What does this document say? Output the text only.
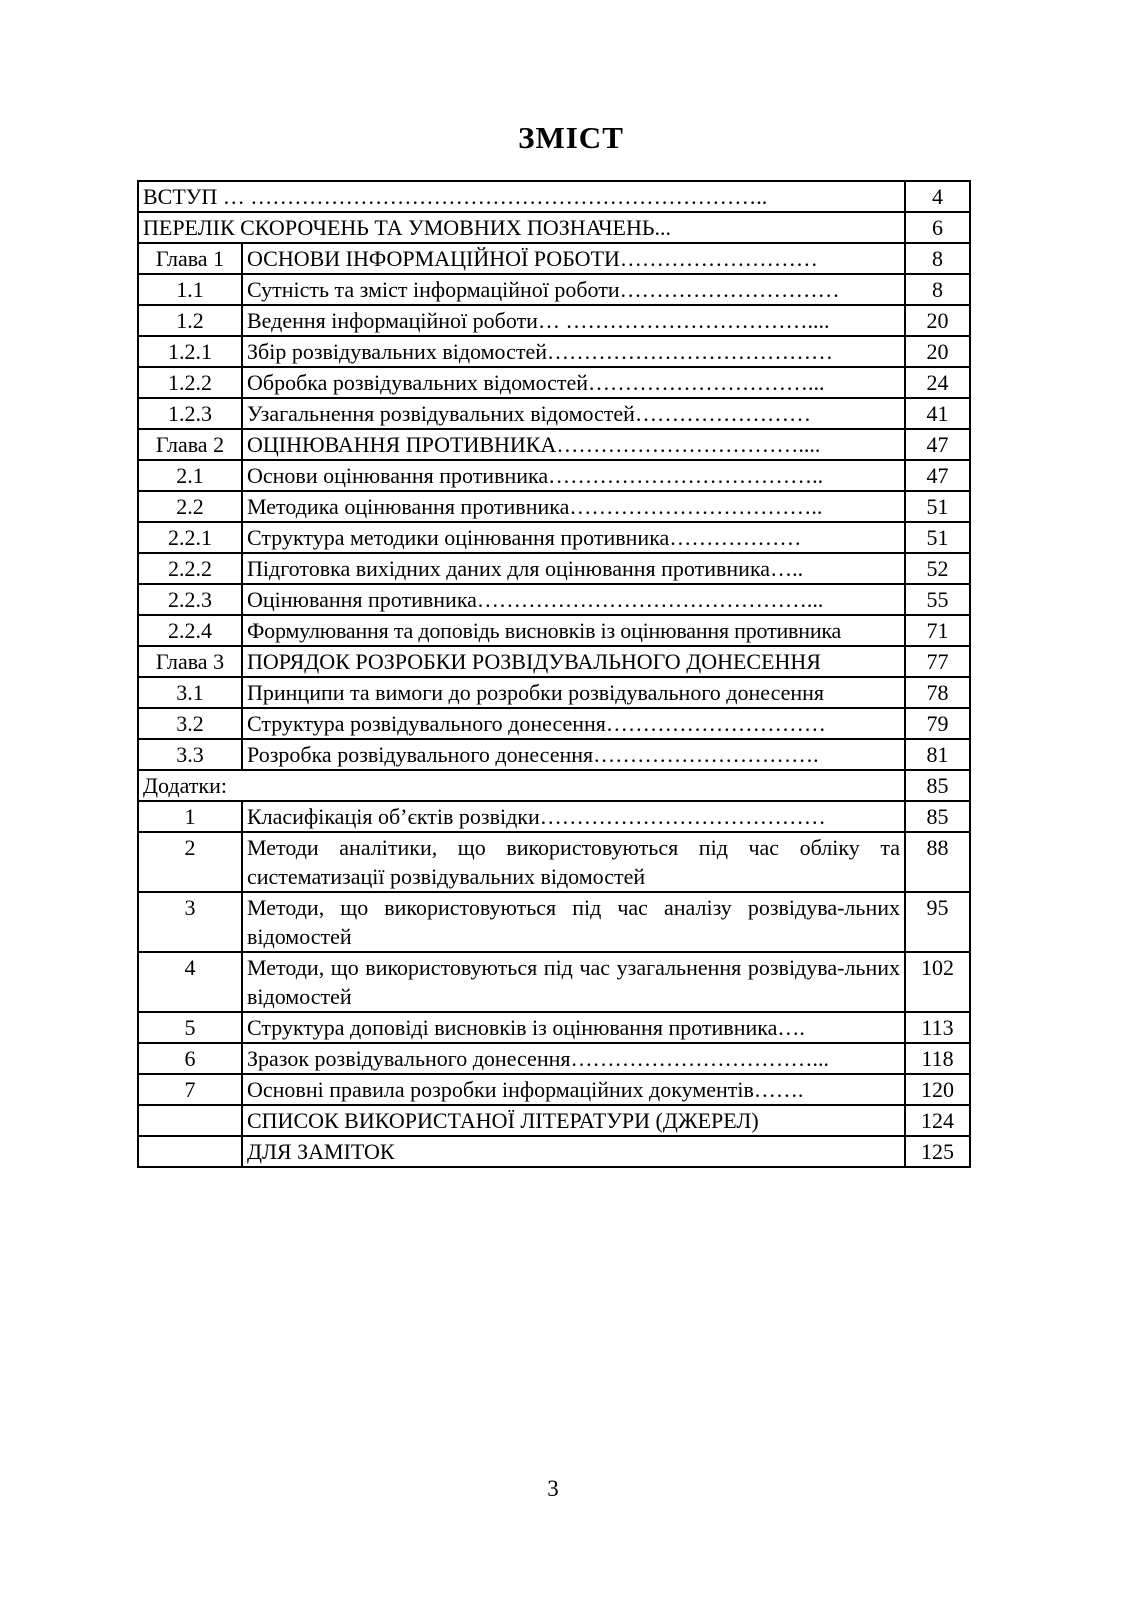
ЗМІСТ
ВСТУП … ……………………………………………………………..		4
ПЕРЕЛІК СКОРОЧЕНЬ ТА УМОВНИХ ПОЗНАЧЕНЬ...		6
Глава 1	ОСНОВИ ІНФОРМАЦІЙНОЇ РОБОТИ………………………	8
1.1	Сутність та зміст інформаційної роботи…………………………	8
1.2	Ведення інформаційної роботи… ……………………………....	20
1.2.1	Збір розвідувальних відомостей…………………………………	20
1.2.2	Обробка розвідувальних відомостей…………………………...	24
1.2.3	Узагальнення розвідувальних відомостей……………………	41
Глава 2	ОЦІНЮВАННЯ ПРОТИВНИКА……………………………....	47
2.1	Основи оцінювання противника………………………………..	47
2.2	Методика оцінювання противника……………………………..	51
2.2.1	Структура методики оцінювання противника………………	51
2.2.2	Підготовка вихідних даних для оцінювання противника…..	52
2.2.3	Оцінювання противника………………………………………...	55
2.2.4	Формулювання та доповідь висновків із оцінювання противника	71
Глава 3	ПОРЯДОК РОЗРОБКИ РОЗВІДУВАЛЬНОГО ДОНЕСЕННЯ	77
3.1	Принципи та вимоги до розробки розвідувального донесення	78
3.2	Структура розвідувального донесення…………………………	79
3.3	Розробка розвідувального донесення………………………….	81
Додатки:		85
1	Класифікація об’єктів розвідки…………………………………	85
2	Методи аналітики, що використовуються під час обліку та систематизації розвідувальних відомостей	88
3	Методи, що використовуються під час аналізу розвідува-льних відомостей	95
4	Методи, що використовуються під час узагальнення розвідува-льних відомостей	102
5	Структура доповіді висновків із оцінювання противника….	113
6	Зразок розвідувального донесення……………………………...	118
7	Основні правила розробки інформаційних документів…….	120
	СПИСОК ВИКОРИСТАНОЇ ЛІТЕРАТУРИ (ДЖЕРЕЛ)	124
	ДЛЯ ЗАМІТОК	125
3
